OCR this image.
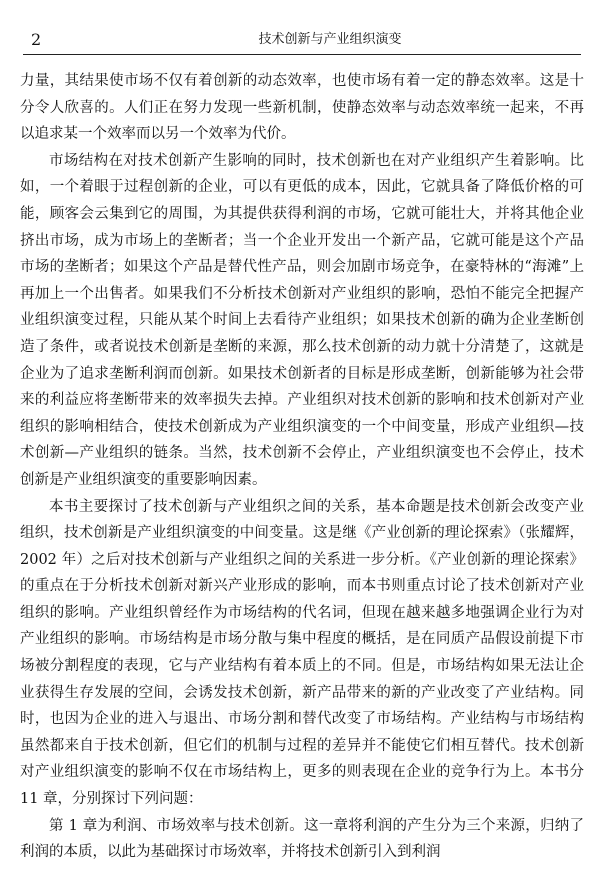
2	技术创新与产业组织演变

力量，其结果使市场不仅有着创新的动态效率，也使市场有着一定的静态效率。这是十分令人欣喜的。人们正在努力发现一些新机制，使静态效率与动态效率统一起来，不再以追求某一个效率而以另一个效率为代价。

市场结构在对技术创新产生影响的同时，技术创新也在对产业组织产生着影响。比如，一个着眼于过程创新的企业，可以有更低的成本，因此，它就具备了降低价格的可能，顾客会云集到它的周围，为其提供获得利润的市场，它就可能壮大，并将其他企业挤出市场，成为市场上的垄断者；当一个企业开发出一个新产品，它就可能是这个产品市场的垄断者；如果这个产品是替代性产品，则会加剧市场竞争，在豪特林的“海滩”上再加上一个出售者。如果我们不分析技术创新对产业组织的影响，恐怕不能完全把握产业组织演变过程，只能从某个时间上去看待产业组织；如果技术创新的确为企业垄断创造了条件，或者说技术创新是垄断的来源，那么技术创新的动力就十分清楚了，这就是企业为了追求垄断利润而创新。如果技术创新者的目标是形成垄断，创新能够为社会带来的利益应将垄断带来的效率损失去掉。产业组织对技术创新的影响和技术创新对产业组织的影响相结合，使技术创新成为产业组织演变的一个中间变量，形成产业组织—技术创新—产业组织的链条。当然，技术创新不会停止，产业组织演变也不会停止，技术创新是产业组织演变的重要影响因素。

本书主要探讨了技术创新与产业组织之间的关系，基本命题是技术创新会改变产业组织，技术创新是产业组织演变的中间变量。这是继《产业创新的理论探索》（张耀辉，2002 年）之后对技术创新与产业组织之间的关系进一步分析。《产业创新的理论探索》的重点在于分析技术创新对新兴产业形成的影响，而本书则重点讨论了技术创新对产业组织的影响。产业组织曾经作为市场结构的代名词，但现在越来越多地强调企业行为对产业组织的影响。市场结构是市场分散与集中程度的概括，是在同质产品假设前提下市场被分割程度的表现，它与产业结构有着本质上的不同。但是，市场结构如果无法让企业获得生存发展的空间，会诱发技术创新，新产品带来的新的产业改变了产业结构。同时，也因为企业的进入与退出、市场分割和替代改变了市场结构。产业结构与市场结构虽然都来自于技术创新，但它们的机制与过程的差异并不能使它们相互替代。技术创新对产业组织演变的影响不仅在市场结构上，更多的则表现在企业的竞争行为上。本书分 11 章，分别探讨下列问题：

第 1 章为利润、市场效率与技术创新。这一章将利润的产生分为三个来源，归纳了利润的本质，以此为基础探讨市场效率，并将技术创新引入到利润
